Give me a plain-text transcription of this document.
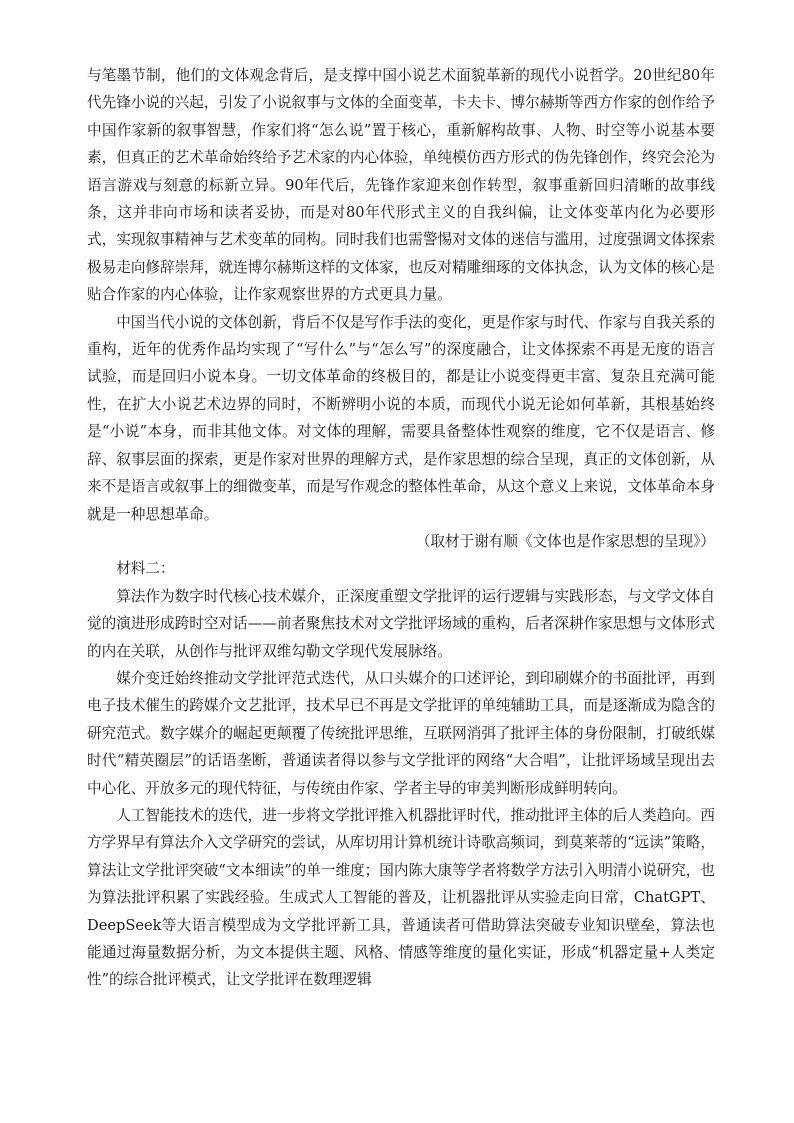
与笔墨节制，他们的文体观念背后，是支撑中国小说艺术面貌革新的现代小说哲学。20世纪80年代先锋小说的兴起，引发了小说叙事与文体的全面变革，卡夫卡、博尔赫斯等西方作家的创作给予中国作家新的叙事智慧，作家们将“怎么说”置于核心，重新解构故事、人物、时空等小说基本要素，但真正的艺术革命始终给予艺术家的内心体验，单纯模仿西方形式的伪先锋创作，终究会沦为语言游戏与刻意的标新立异。90年代后，先锋作家迎来创作转型，叙事重新回归清晰的故事线条，这并非向市场和读者妥协，而是对80年代形式主义的自我纠偏，让文体变革内化为必要形式，实现叙事精神与艺术变革的同构。同时我们也需警惕对文体的迷信与滥用，过度强调文体探索极易走向修辞崇拜，就连博尔赫斯这样的文体家，也反对精雕细琢的文体执念，认为文体的核心是贴合作家的内心体验，让作家观察世界的方式更具力量。

中国当代小说的文体创新，背后不仅是写作手法的变化，更是作家与时代、作家与自我关系的重构，近年的优秀作品均实现了“写什么”与“怎么写”的深度融合，让文体探索不再是无度的语言试验，而是回归小说本身。一切文体革命的终极目的，都是让小说变得更丰富、复杂且充满可能性，在扩大小说艺术边界的同时，不断辨明小说的本质，而现代小说无论如何革新，其根基始终是“小说”本身，而非其他文体。对文体的理解，需要具备整体性观察的维度，它不仅是语言、修辞、叙事层面的探索，更是作家对世界的理解方式，是作家思想的综合呈现，真正的文体创新，从来不是语言或叙事上的细微变革，而是写作观念的整体性革命，从这个意义上来说，文体革命本身就是一种思想革命。

（取材于谢有顺《文体也是作家思想的呈现》）

材料二：

算法作为数字时代核心技术媒介，正深度重塑文学批评的运行逻辑与实践形态，与文学文体自觉的演进形成跨时空对话——前者聚焦技术对文学批评场域的重构，后者深耕作家思想与文体形式的内在关联，从创作与批评双维勾勒文学现代发展脉络。

媒介变迁始终推动文学批评范式迭代，从口头媒介的口述评论，到印刷媒介的书面批评，再到电子技术催生的跨媒介文艺批评，技术早已不再是文学批评的单纯辅助工具，而是逐渐成为隐含的研究范式。数字媒介的崛起更颠覆了传统批评思维，互联网消弭了批评主体的身份限制，打破纸媒时代“精英圈层”的话语垄断，普通读者得以参与文学批评的网络“大合唱”，让批评场域呈现出去中心化、开放多元的现代特征，与传统由作家、学者主导的审美判断形成鲜明转向。

人工智能技术的迭代，进一步将文学批评推入机器批评时代，推动批评主体的后人类趋向。西方学界早有算法介入文学研究的尝试，从库切用计算机统计诗歌高频词，到莫莱蒂的“远读”策略，算法让文学批评突破“文本细读”的单一维度；国内陈大康等学者将数学方法引入明清小说研究，也为算法批评积累了实践经验。生成式人工智能的普及，让机器批评从实验走向日常，ChatGPT、DeepSeek等大语言模型成为文学批评新工具，普通读者可借助算法突破专业知识壁垒，算法也能通过海量数据分析，为文本提供主题、风格、情感等维度的量化实证，形成“机器定量+人类定性”的综合批评模式，让文学批评在数理逻辑
